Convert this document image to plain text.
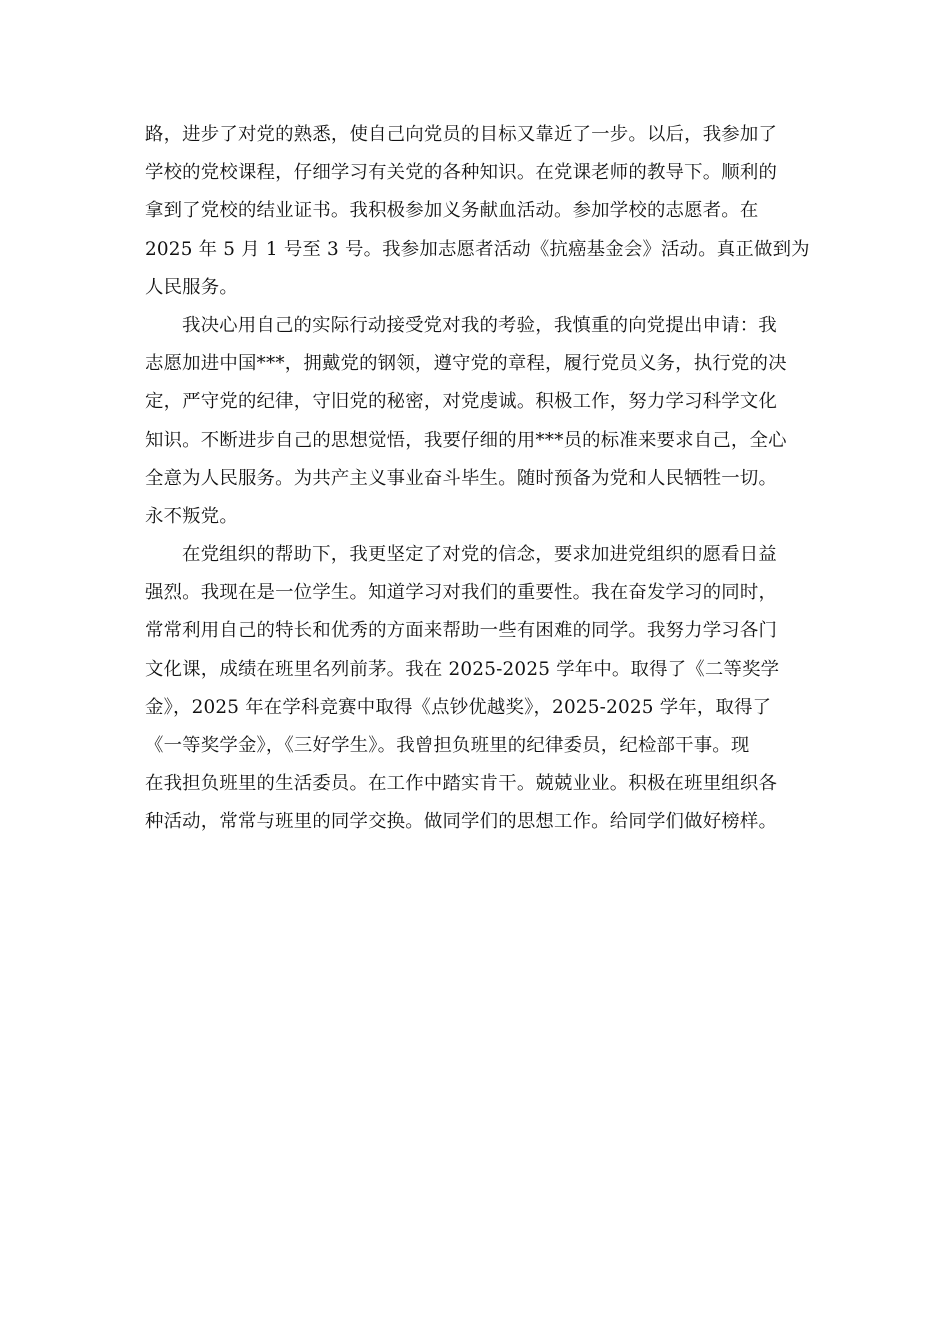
路，进步了对党的熟悉，使自己向党员的目标又靠近了一步。以后，我参加了
学校的党校课程，仔细学习有关党的各种知识。在党课老师的教导下。顺利的
拿到了党校的结业证书。我积极参加义务献血活动。参加学校的志愿者。在
2025 年 5 月 1 号至 3 号。我参加志愿者活动《抗癌基金会》活动。真正做到为
人民服务。
我决心用自己的实际行动接受党对我的考验，我慎重的向党提出申请：我
志愿加进中国***，拥戴党的钢领，遵守党的章程，履行党员义务，执行党的决
定，严守党的纪律，守旧党的秘密，对党虔诚。积极工作，努力学习科学文化
知识。不断进步自己的思想觉悟，我要仔细的用***员的标准来要求自己，全心
全意为人民服务。为共产主义事业奋斗毕生。随时预备为党和人民牺牲一切。
永不叛党。
在党组织的帮助下，我更坚定了对党的信念，要求加进党组织的愿看日益
强烈。我现在是一位学生。知道学习对我们的重要性。我在奋发学习的同时，
常常利用自己的特长和优秀的方面来帮助一些有困难的同学。我努力学习各门
文化课，成绩在班里名列前茅。我在 2025-2025 学年中。取得了《二等奖学
金》，2025 年在学科竞赛中取得《点钞优越奖》，2025-2025 学年，取得了
《一等奖学金》，《三好学生》。我曾担负班里的纪律委员，纪检部干事。现
在我担负班里的生活委员。在工作中踏实肯干。兢兢业业。积极在班里组织各
种活动，常常与班里的同学交换。做同学们的思想工作。给同学们做好榜样。
